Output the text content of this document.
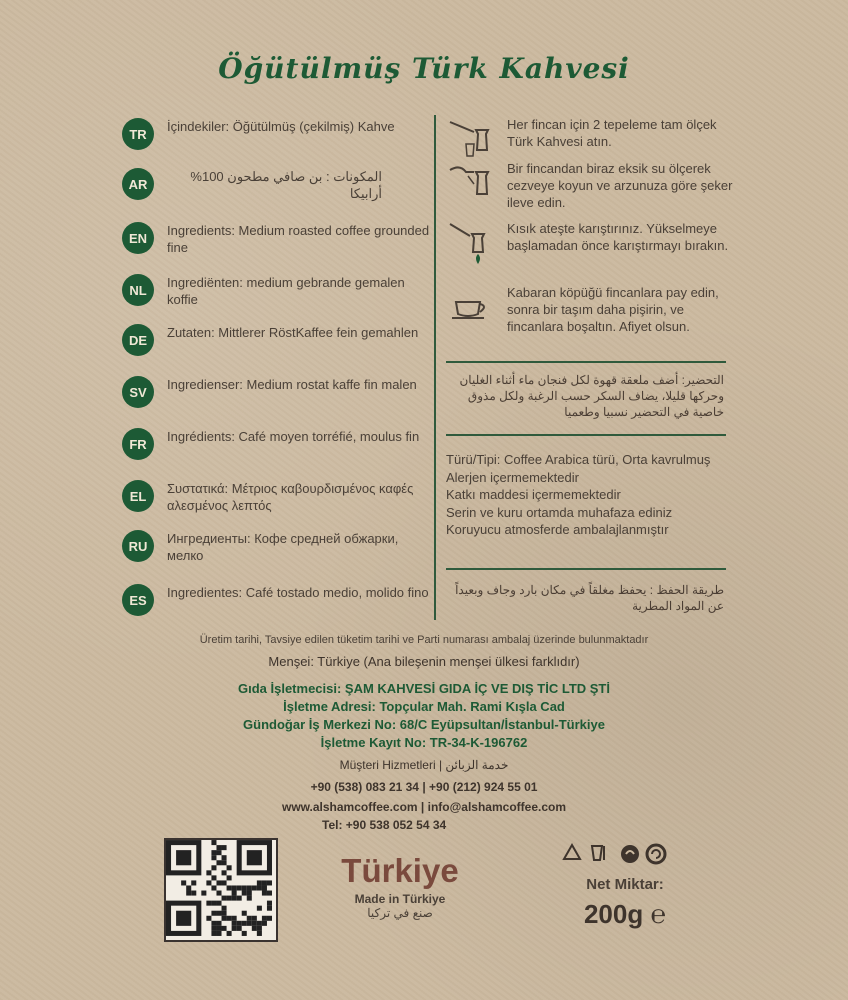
Öğütülmüş Türk Kahvesi
TR	İçindekiler: Öğütülmüş (çekilmiş) Kahve
AR	المكونات : بن صافي مطحون 100% أرابيكا
EN	Ingredients: Medium roasted coffee grounded fine
NL	Ingrediënten: medium gebrande gemalen koffie
DE	Zutaten: Mittlerer RöstKaffee fein gemahlen
SV	Ingredienser: Medium rostat kaffe fin malen
FR	Ingrédients: Café moyen torréfié, moulus fin
EL	Συστατικά: Μέτριος καβουρδισμένος καφές αλεσμένος λεπτός
RU	Ингредиенты: Кофе средней обжарки, мелко
ES	Ingredientes: Café tostado medio, molido fino
Her fincan için 2 tepeleme tam ölçek Türk Kahvesi atın.
Bir fincandan biraz eksik su ölçerek cezveye koyun ve arzunuza göre şeker ileve edin.
Kısık ateşte karıştırınız. Yükselmeye başlamadan önce karıştırmayı bırakın.
Kabaran köpüğü fincanlara pay edin, sonra bir taşım daha pişirin, ve fincanlara boşaltın. Afiyet olsun.
التحضير: أضف ملعقة قهوة لكل فنجان ماء أثناء الغليان وحركها قليلا، يضاف السكر حسب الرغبة ولكل مذوق خاصية في التحضير نسبيا وطعميا
Türü/Tipi: Coffee Arabica türü, Orta kavrulmuş
Alerjen içermemektedir
Katkı maddesi içermemektedir
Serin ve kuru ortamda muhafaza ediniz
Koruyucu atmosferde ambalajlanmıştır
طريقة الحفظ : يحفظ مغلقاً في مكان بارد وجاف وبعيداً عن المواد المطرية
Üretim tarihi, Tavsiye edilen tüketim tarihi ve Parti numarası ambalaj üzerinde bulunmaktadır
Menşei: Türkiye (Ana bileşenin menşei ülkesi farklıdır)
Gıda İşletmecisi: ŞAM KAHVESİ GIDA İÇ VE DIŞ TİC LTD ŞTİ
İşletme Adresi: Topçular Mah. Rami Kışla Cad
Gündoğar İş Merkezi No: 68/C Eyüpsultan/İstanbul-Türkiye
İşletme Kayıt No: TR-34-K-196762
Müşteri Hizmetleri | خدمة الزبائن
+90 (538) 083 21 34 | +90 (212) 924 55 01
www.alshamcoffee.com | info@alshamcoffee.com
Tel: +90 538 052 54 34
Türkiye
Made in Türkiye
صنع في تركيا
Net Miktar:
200g ℮
